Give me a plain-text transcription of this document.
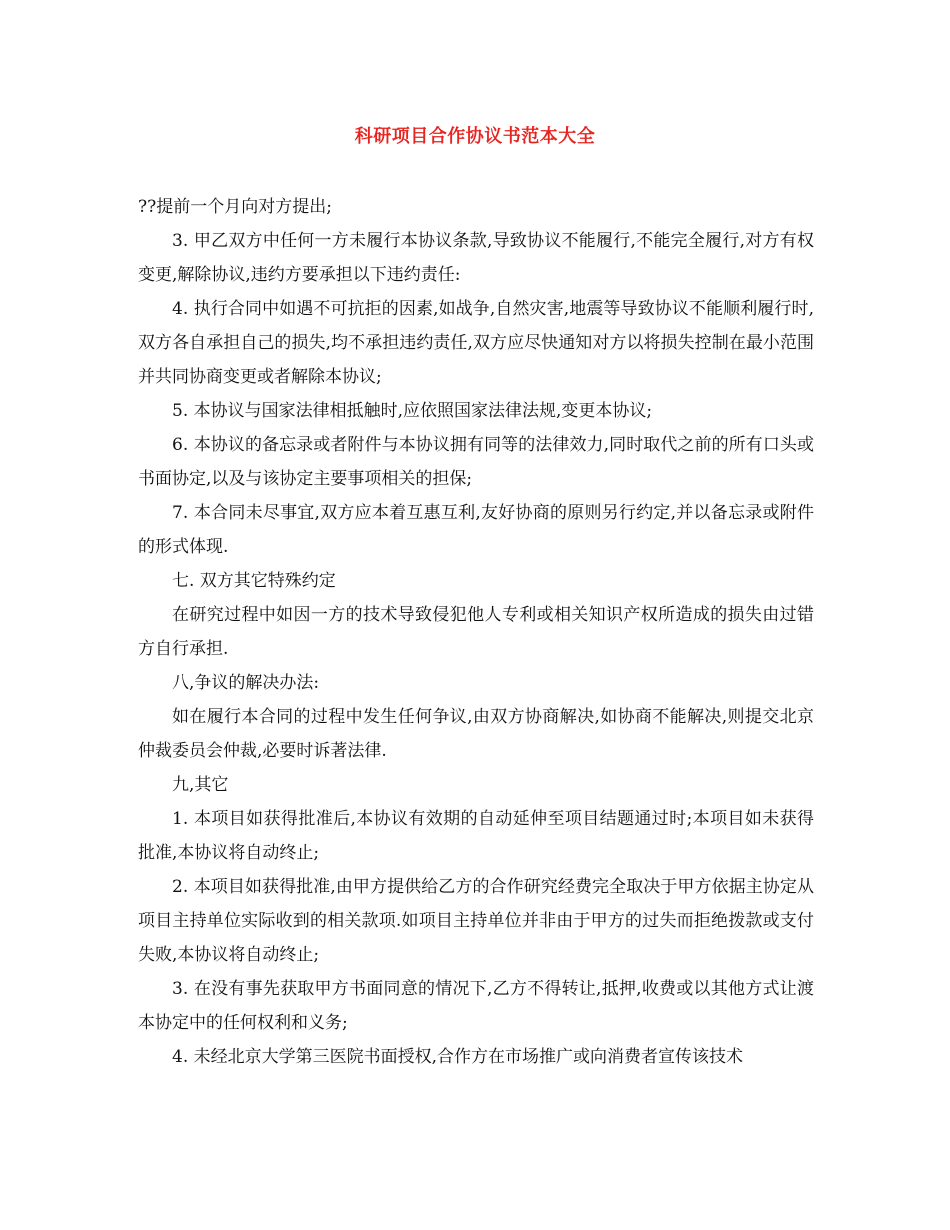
科研项目合作协议书范本大全

??提前一个月向对方提出;

3. 甲乙双方中任何一方未履行本协议条款,导致协议不能履行,不能完全履行,对方有权变更,解除协议,违约方要承担以下违约责任:

4. 执行合同中如遇不可抗拒的因素,如战争,自然灾害,地震等导致协议不能顺利履行时,双方各自承担自己的损失,均不承担违约责任,双方应尽快通知对方以将损失控制在最小范围并共同协商变更或者解除本协议;

5. 本协议与国家法律相抵触时,应依照国家法律法规,变更本协议;

6. 本协议的备忘录或者附件与本协议拥有同等的法律效力,同时取代之前的所有口头或书面协定,以及与该协定主要事项相关的担保;

7. 本合同未尽事宜,双方应本着互惠互利,友好协商的原则另行约定,并以备忘录或附件的形式体现.

七. 双方其它特殊约定

在研究过程中如因一方的技术导致侵犯他人专利或相关知识产权所造成的损失由过错方自行承担.

八,争议的解决办法:

如在履行本合同的过程中发生任何争议,由双方协商解决,如协商不能解决,则提交北京仲裁委员会仲裁,必要时诉著法律.

九,其它

1. 本项目如获得批准后,本协议有效期的自动延伸至项目结题通过时;本项目如未获得批准,本协议将自动终止;

2. 本项目如获得批准,由甲方提供给乙方的合作研究经费完全取决于甲方依据主协定从项目主持单位实际收到的相关款项.如项目主持单位并非由于甲方的过失而拒绝拨款或支付失败,本协议将自动终止;

3. 在没有事先获取甲方书面同意的情况下,乙方不得转让,抵押,收费或以其他方式让渡本协定中的任何权利和义务;

4. 未经北京大学第三医院书面授权,合作方在市场推广或向消费者宣传该技术
